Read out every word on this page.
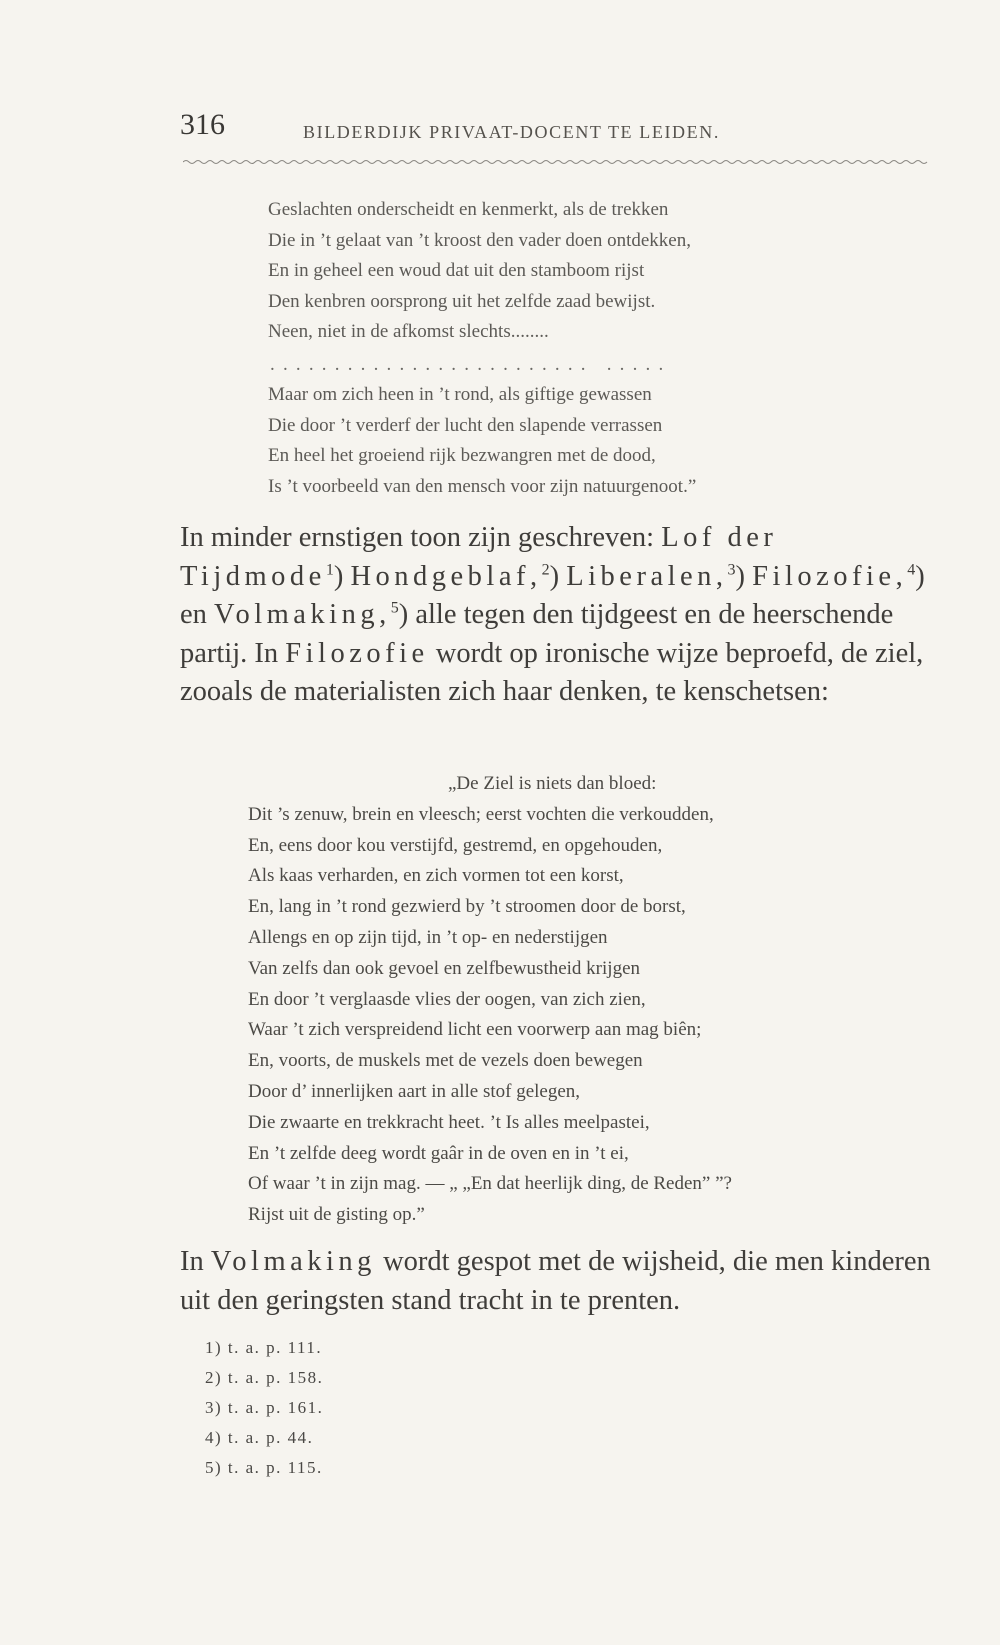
316	BILDERDIJK PRIVAAT-DOCENT TE LEIDEN.
Geslachten onderscheidt en kenmerkt, als de trekken
Die in ’t gelaat van ’t kroost den vader doen ontdekken,
En in geheel een woud dat uit den stamboom rijst
Den kenbren oorsprong uit het zelfde zaad bewijst.
Neen, niet in de afkomst slechts........
......................... .....
Maar om zich heen in ’t rond, als giftige gewassen
Die door ’t verderf der lucht den slapende verrassen
En heel het groeiend rijk bezwangren met de dood,
Is ’t voorbeeld van den mensch voor zijn natuurgenoot.”
In minder ernstigen toon zijn geschreven: Lof der Tijdmode$^1$) Hondgeblaf,$^2$) Liberalen,$^3$) Filozofie,$^4$) en Volmaking,$^5$) alle tegen den tijdgeest en de heerschende partij. In Filozofie wordt op ironische wijze beproefd, de ziel, zooals de materialisten zich haar denken, te kenschetsen:
„De Ziel is niets dan bloed:
Dit ’s zenuw, brein en vleesch; eerst vochten die verkoudden,
En, eens door kou verstijfd, gestremd, en opgehouden,
Als kaas verharden, en zich vormen tot een korst,
En, lang in ’t rond gezwierd by ’t stroomen door de borst,
Allengs en op zijn tijd, in ’t op- en nederstijgen
Van zelfs dan ook gevoel en zelfbewustheid krijgen
En door ’t verglaasde vlies der oogen, van zich zien,
Waar ’t zich verspreidend licht een voorwerp aan mag biên;
En, voorts, de muskels met de vezels doen bewegen
Door d’ innerlijken aart in alle stof gelegen,
Die zwaarte en trekkracht heet. ’t Is alles meelpastei,
En ’t zelfde deeg wordt gaâr in de oven en in ’t ei,
Of waar ’t in zijn mag. — „ „En dat heerlijk ding, de Reden” ”?
Rijst uit de gisting op.”
In Volmaking wordt gespot met de wijsheid, die men kinderen uit den geringsten stand tracht in te prenten.
1) t. a. p. 111.
2) t. a. p. 158.
3) t. a. p. 161.
4) t. a. p. 44.
5) t. a. p. 115.
